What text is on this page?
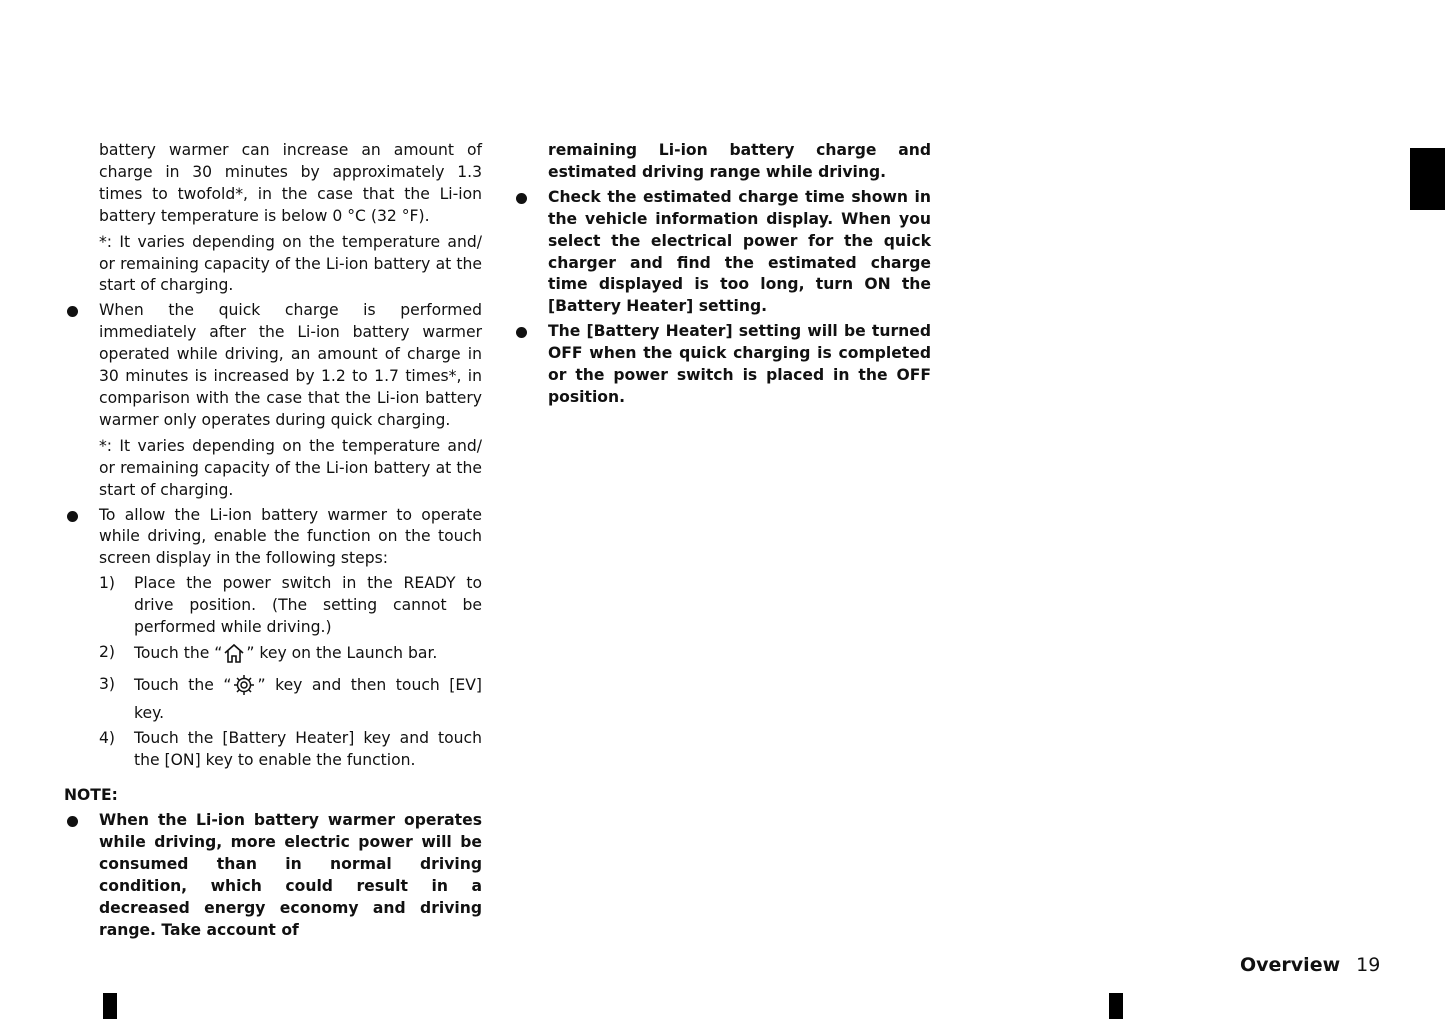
battery warmer can increase an amount of charge in 30 minutes by approximately 1.3 times to twofold*, in the case that the Li-ion battery temperature is below 0 °C (32 °F).

*: It varies depending on the temperature and/ or remaining capacity of the Li-ion battery at the start of charging.

When the quick charge is performed immediately after the Li-ion battery warmer operated while driving, an amount of charge in 30 minutes is increased by 1.2 to 1.7 times*, in comparison with the case that the Li-ion battery warmer only operates during quick charging.

*: It varies depending on the temperature and/ or remaining capacity of the Li-ion battery at the start of charging.

To allow the Li-ion battery warmer to operate while driving, enable the function on the touch screen display in the following steps:

1) Place the power switch in the READY to drive position. (The setting cannot be performed while driving.)
2) Touch the “ ” key on the Launch bar.
3) Touch the “ ” key and then touch [EV] key.
4) Touch the [Battery Heater] key and touch the [ON] key to enable the function.

NOTE:

When the Li-ion battery warmer operates while driving, more electric power will be consumed than in normal driving condition, which could result in a decreased energy economy and driving range. Take account of

remaining Li-ion battery charge and estimated driving range while driving.

Check the estimated charge time shown in the vehicle information display. When you select the electrical power for the quick charger and find the estimated charge time displayed is too long, turn ON the [Battery Heater] setting.

The [Battery Heater] setting will be turned OFF when the quick charging is completed or the power switch is placed in the OFF position.

Overview 19
